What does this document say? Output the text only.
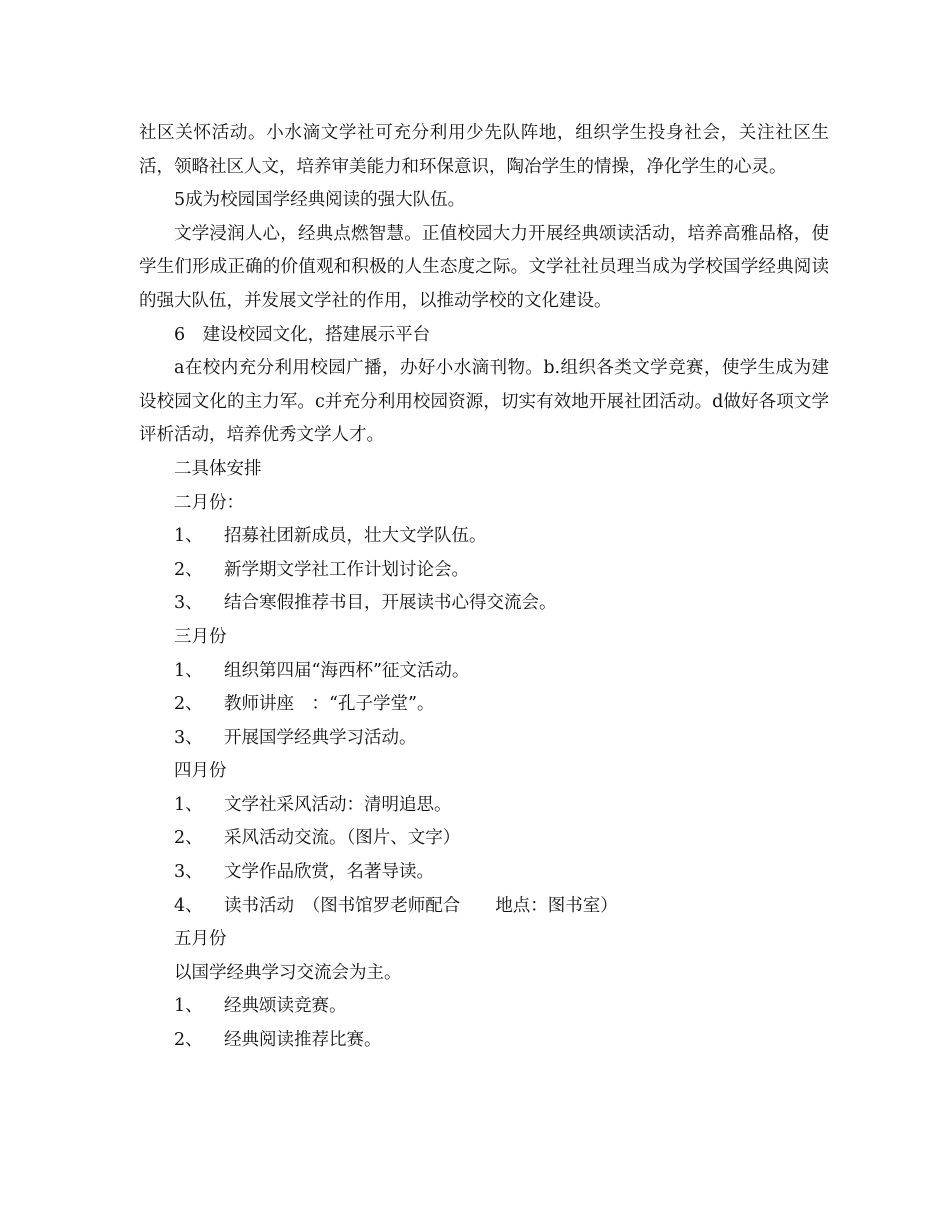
社区关怀活动。小水滴文学社可充分利用少先队阵地，组织学生投身社会，关注社区生活，领略社区人文，培养审美能力和环保意识，陶冶学生的情操，净化学生的心灵。

5成为校园国学经典阅读的强大队伍。

文学浸润人心，经典点燃智慧。正值校园大力开展经典颂读活动，培养高雅品格，使学生们形成正确的价值观和积极的人生态度之际。文学社社员理当成为学校国学经典阅读的强大队伍，并发展文学社的作用，以推动学校的文化建设。

6　建设校园文化，搭建展示平台

a在校内充分利用校园广播，办好小水滴刊物。b.组织各类文学竞赛，使学生成为建设校园文化的主力军。c并充分利用校园资源，切实有效地开展社团活动。d做好各项文学评析活动，培养优秀文学人才。

二具体安排

二月份：

1、	招募社团新成员，壮大文学队伍。
2、	新学期文学社工作计划讨论会。
3、	结合寒假推荐书目，开展读书心得交流会。

三月份

1、	组织第四届“海西杯”征文活动。
2、	教师讲座　：“孔子学堂”。
3、	开展国学经典学习活动。

四月份

1、	文学社采风活动：清明追思。
2、	采风活动交流。（图片、文字）
3、	文学作品欣赏，名著导读。
4、	读书活动　（图书馆罗老师配合　　地点：图书室）

五月份

以国学经典学习交流会为主。

1、	经典颂读竞赛。
2、	经典阅读推荐比赛。
